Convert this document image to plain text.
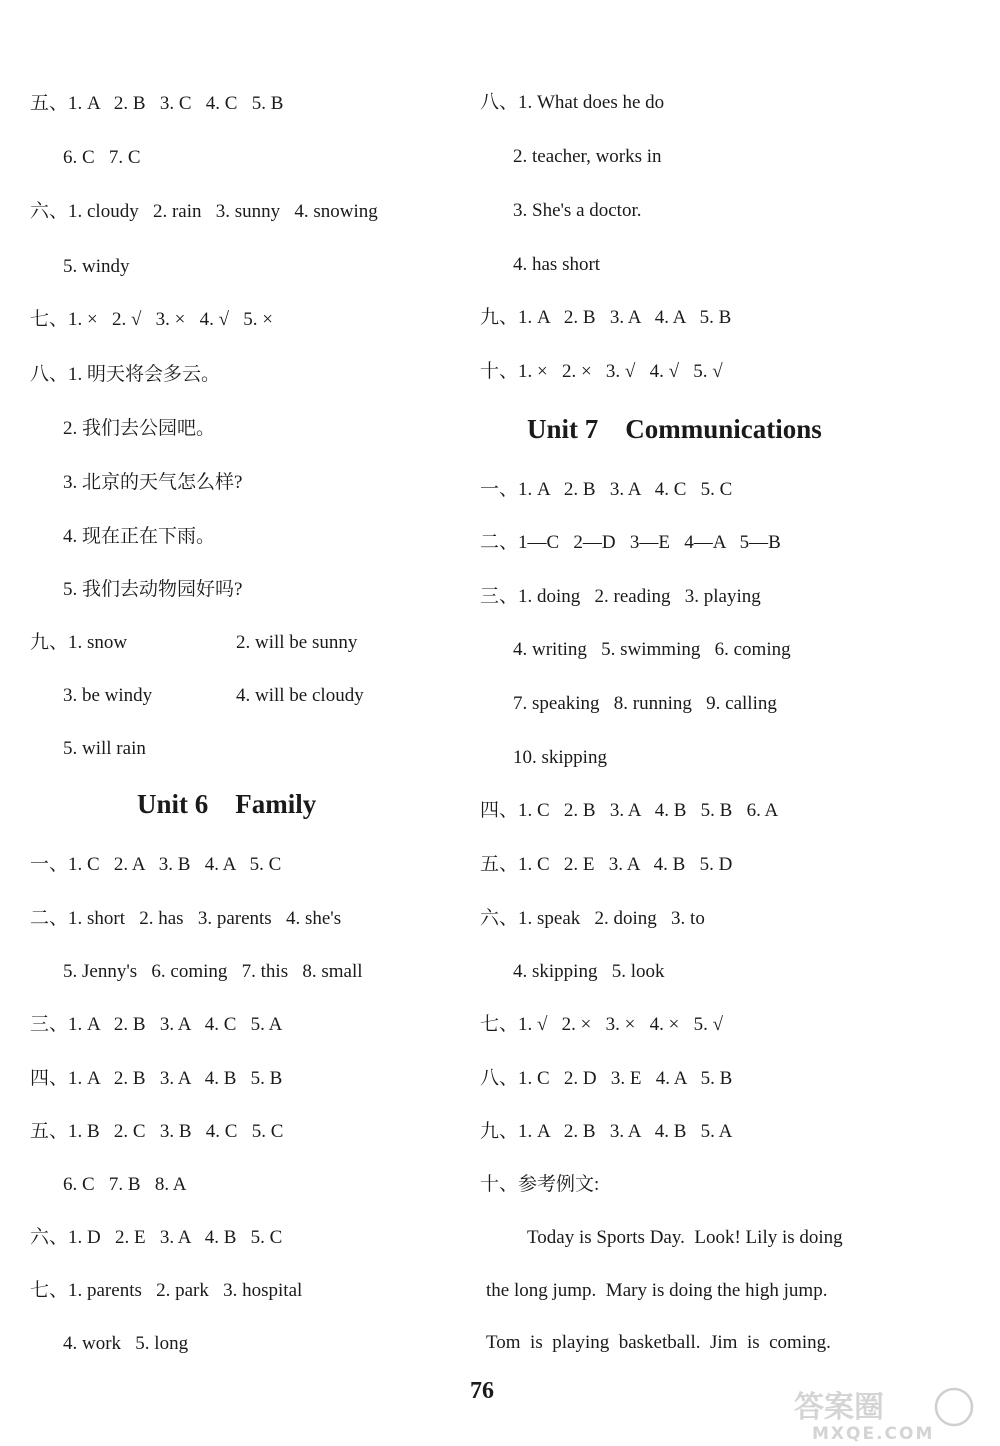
五、1. A   2. B   3. C   4. C   5. B
6. C   7. C
六、1. cloudy   2. rain   3. sunny   4. snowing
5. windy
七、1. ×   2. √   3. ×   4. √   5. ×
八、1. 明天将会多云。
2. 我们去公园吧。
3. 北京的天气怎么样?
4. 现在正在下雨。
5. 我们去动物园好吗?
九、1. snow	2. will be sunny
3. be windy	4. will be cloudy
5. will rain
Unit 6    Family
一、1. C   2. A   3. B   4. A   5. C
二、1. short   2. has   3. parents   4. she's
5. Jenny's   6. coming   7. this   8. small
三、1. A   2. B   3. A   4. C   5. A
四、1. A   2. B   3. A   4. B   5. B
五、1. B   2. C   3. B   4. C   5. C
6. C   7. B   8. A
六、1. D   2. E   3. A   4. B   5. C
七、1. parents   2. park   3. hospital
4. work   5. long
八、1. What does he do
2. teacher, works in
3. She's a doctor.
4. has short
九、1. A   2. B   3. A   4. A   5. B
十、1. ×   2. ×   3. √   4. √   5. √
Unit 7    Communications
一、1. A   2. B   3. A   4. C   5. C
二、1—C   2—D   3—E   4—A   5—B
三、1. doing   2. reading   3. playing
4. writing   5. swimming   6. coming
7. speaking   8. running   9. calling
10. skipping
四、1. C   2. B   3. A   4. B   5. B   6. A
五、1. C   2. E   3. A   4. B   5. D
六、1. speak   2. doing   3. to
4. skipping   5. look
七、1. √   2. ×   3. ×   4. ×   5. √
八、1. C   2. D   3. E   4. A   5. B
九、1. A   2. B   3. A   4. B   5. A
十、参考例文:
Today is Sports Day.  Look! Lily is doing
the long jump.  Mary is doing the high jump.
Tom  is  playing  basketball.  Jim  is  coming.
76	答案圈
MXQE.COM
